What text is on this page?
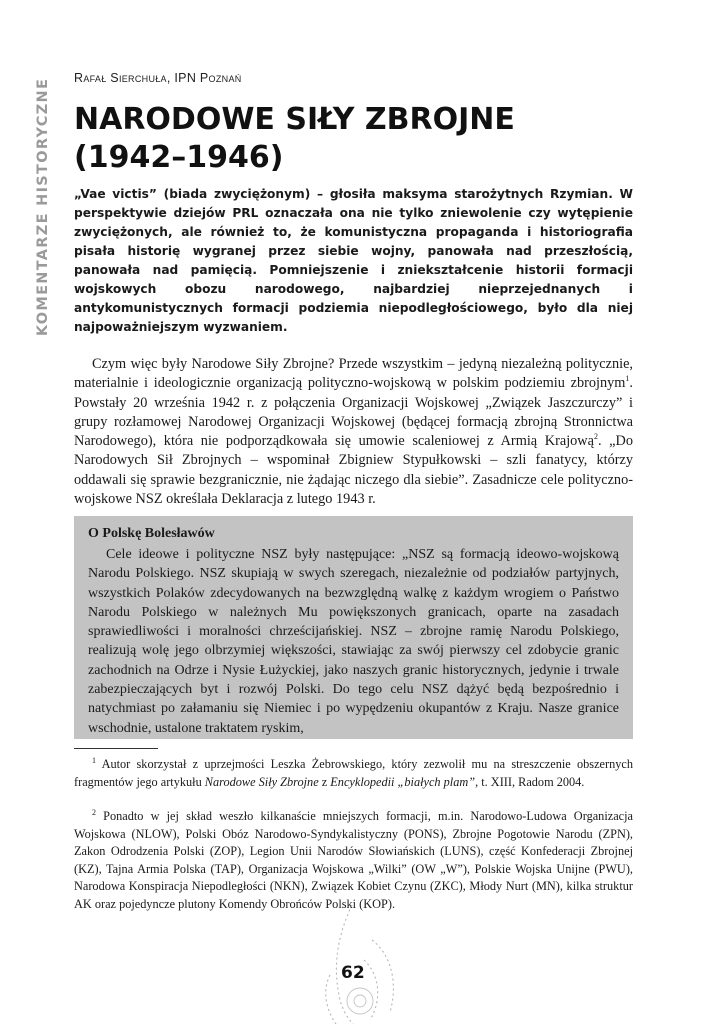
KOMENTARZE HISTORYCZNE Rafał Sierchuła, IPN Poznań
NARODOWE SIŁY ZBROJNE
(1942–1946)

„Vae victis” (biada zwyciężonym) – głosiła maksyma starożytnych Rzymian. W perspektywie dziejów PRL oznaczała ona nie tylko zniewolenie czy wytępienie zwyciężonych, ale również to, że komunistyczna propaganda i historiografia pisała historię wygranej przez siebie wojny, panowała nad przeszłością, panowała nad pamięcią. Pomniejszenie i zniekształcenie historii formacji wojskowych obozu narodowego, najbardziej nieprzejednanych i antykomunistycznych formacji podziemia niepodległościowego, było dla niej najpoważniejszym wyzwaniem.

Czym więc były Narodowe Siły Zbrojne? Przede wszystkim – jedyną niezależną politycznie, materialnie i ideologicznie organizacją polityczno-wojskową w polskim podziemiu zbrojnym$^1$. Powstały 20 września 1942 r. z połączenia Organizacji Wojskowej „Związek Jaszczurczy” i grupy rozłamowej Narodowej Organizacji Wojskowej (będącej formacją zbrojną Stronnictwa Narodowego), która nie podporządkowała się umowie scaleniowej z Armią Krajową$^2$. „Do Narodowych Sił Zbrojnych – wspominał Zbigniew Stypułkowski – szli fanatycy, którzy oddawali się sprawie bezgranicznie, nie żądając niczego dla siebie”. Zasadnicze cele polityczno-wojskowe NSZ określała Deklaracja z lutego 1943 r.

O Polskę Bolesławów

Cele ideowe i polityczne NSZ były następujące: „NSZ są formacją ideowo-wojskową Narodu Polskiego. NSZ skupiają w swych szeregach, niezależnie od podziałów partyjnych, wszystkich Polaków zdecydowanych na bezwzględną walkę z każdym wrogiem o Państwo Narodu Polskiego w należnych Mu powiększonych granicach, oparte na zasadach sprawiedliwości i moralności chrześcijańskiej. NSZ – zbrojne ramię Narodu Polskiego, realizują wolę jego olbrzymiej większości, stawiając za swój pierwszy cel zdobycie granic zachodnich na Odrze i Nysie Łużyckiej, jako naszych granic historycznych, jedynie i trwale zabezpieczających byt i rozwój Polski. Do tego celu NSZ dążyć będą bezpośrednio i natychmiast po załamaniu się Niemiec i po wypędzeniu okupantów z Kraju. Nasze granice wschodnie, ustalone traktatem ryskim,

$^1$ Autor skorzystał z uprzejmości Leszka Żebrowskiego, który zezwolił mu na streszczenie obszernych fragmentów jego artykułu Narodowe Siły Zbrojne z Encyklopedii „białych plam”, t. XIII, Radom 2004.

$^2$ Ponadto w jej skład weszło kilkanaście mniejszych formacji, m.in. Narodowo-Ludowa Organizacja Wojskowa (NLOW), Polski Obóz Narodowo-Syndykalistyczny (PONS), Zbrojne Pogotowie Narodu (ZPN), Zakon Odrodzenia Polski (ZOP), Legion Unii Narodów Słowiańskich (LUNS), część Konfederacji Zbrojnej (KZ), Tajna Armia Polska (TAP), Organizacja Wojskowa „Wilki” (OW „W”), Polskie Wojska Unijne (PWU), Narodowa Konspiracja Niepodległości (NKN), Związek Kobiet Czynu (ZKC), Młody Nurt (MN), kilka struktur AK oraz pojedyncze plutony Komendy Obrońców Polski (KOP).

62
